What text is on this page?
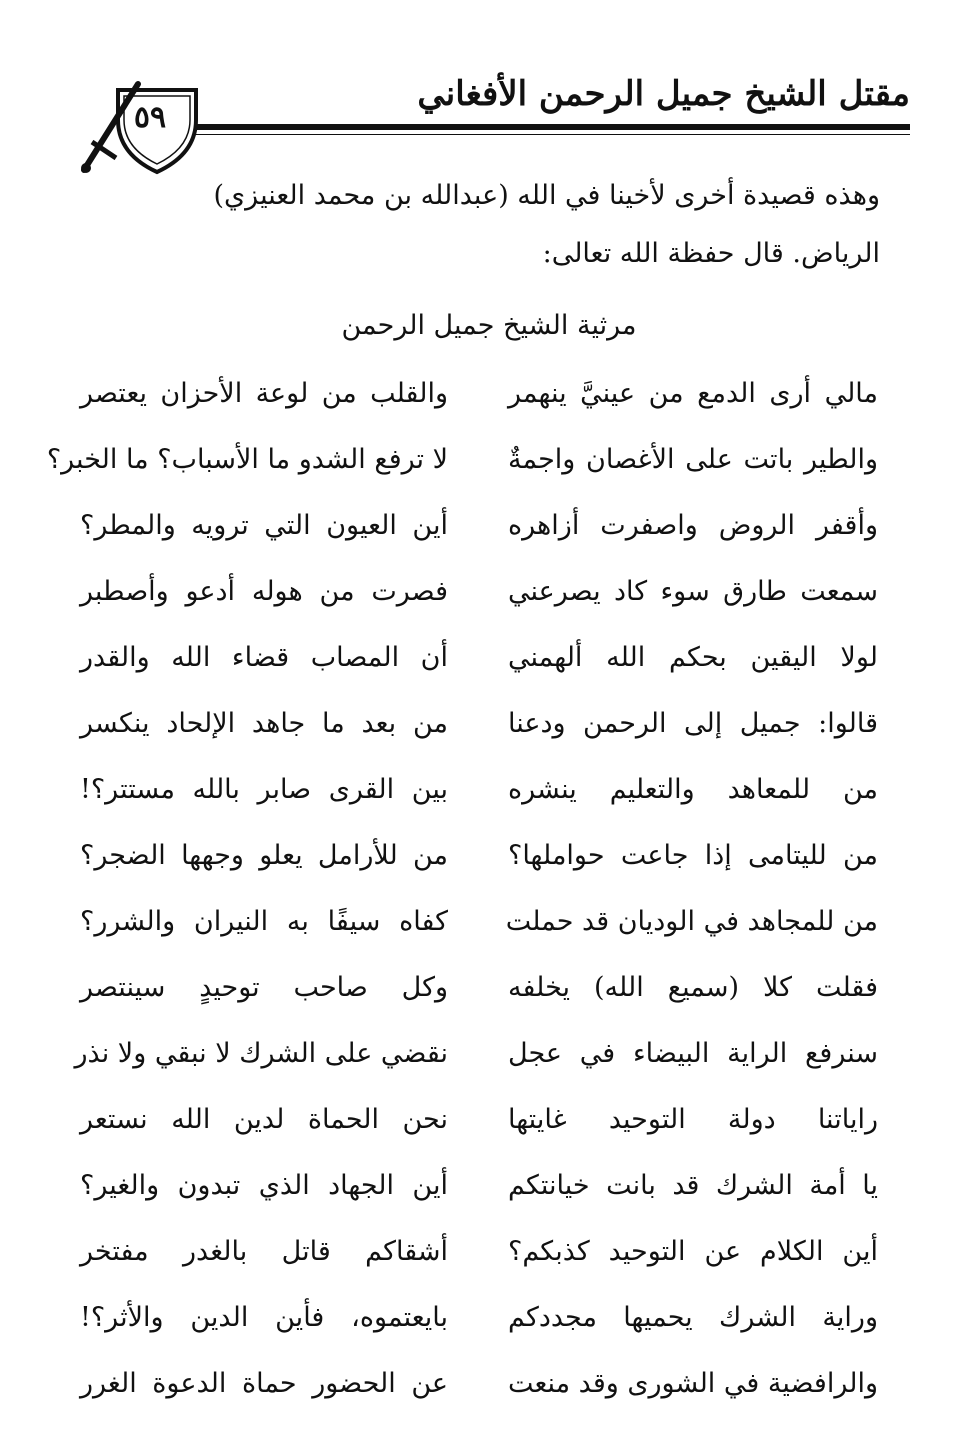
مقتل الشيخ جميل الرحمن الأفغاني
٥٩
وهذه قصيدة أخرى لأخينا في الله (عبدالله بن محمد العنيزي)
الرياض. قال حفظة الله تعالى:
مرثية الشيخ جميل الرحمن
مالي أرى الدمع من عينيَّ ينهمر
والقلب من لوعة الأحزان يعتصر
والطير باتت على الأغصان واجمةٌ
لا ترفع الشدو ما الأسباب؟ ما الخبر؟
وأقفر الروض واصفرت أزاهره
أين العيون التي ترويه والمطر؟
سمعت طارق سوء كاد يصرعني
فصرت من هوله أدعو وأصطبر
لولا اليقين بحكم الله ألهمني
أن المصاب قضاء الله والقدر
قالوا: جميل إلى الرحمن ودعنا
من بعد ما جاهد الإلحاد ينكسر
من للمعاهد والتعليم ينشره
بين القرى صابر بالله مستتر؟!
من لليتامى إذا جاعت حواملها؟
من للأرامل يعلو وجهها الضجر؟
من للمجاهد في الوديان قد حملت
كفاه سيفًا به النيران والشرر؟
فقلت كلا (سميع الله) يخلفه
وكل صاحب توحيدٍ سينتصر
سنرفع الراية البيضاء في عجل
نقضي على الشرك لا نبقي ولا نذر
راياتنا دولة التوحيد غايتها
نحن الحماة لدين الله نستعر
يا أمة الشرك قد بانت خيانتكم
أين الجهاد الذي تبدون والغير؟
أين الكلام عن التوحيد كذبكم؟
أشقاكم قاتل بالغدر مفتخر
وراية الشرك يحميها مجددكم
بايعتموه، فأين الدين والأثر؟!
والرافضية في الشورى وقد منعت
عن الحضور حماة الدعوة الغرر
